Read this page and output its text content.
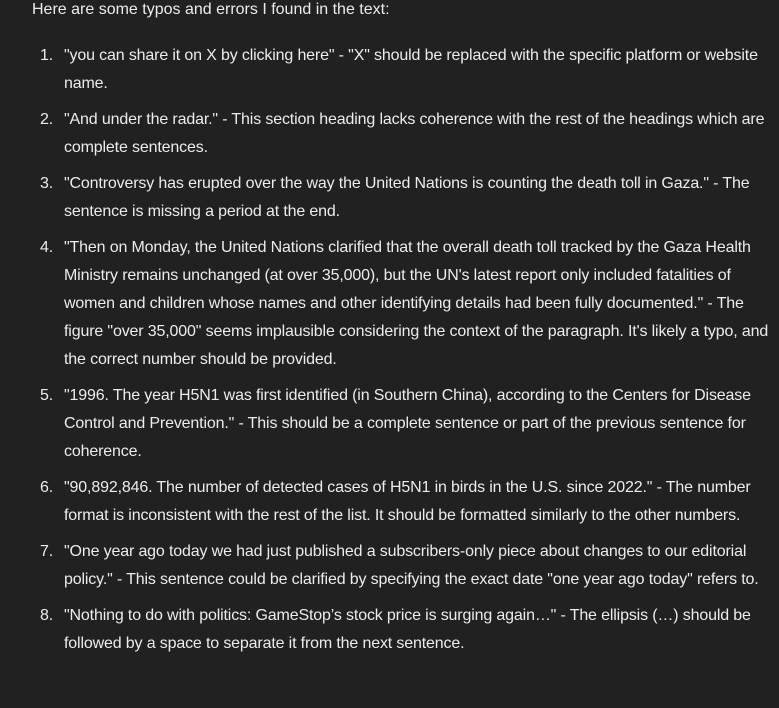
Here are some typos and errors I found in the text:

1. "you can share it on X by clicking here" - "X" should be replaced with the specific platform or website name.
2. "And under the radar." - This section heading lacks coherence with the rest of the headings which are complete sentences.
3. "Controversy has erupted over the way the United Nations is counting the death toll in Gaza." - The sentence is missing a period at the end.
4. "Then on Monday, the United Nations clarified that the overall death toll tracked by the Gaza Health Ministry remains unchanged (at over 35,000), but the UN's latest report only included fatalities of women and children whose names and other identifying details had been fully documented." - The figure "over 35,000" seems implausible considering the context of the paragraph. It's likely a typo, and the correct number should be provided.
5. "1996. The year H5N1 was first identified (in Southern China), according to the Centers for Disease Control and Prevention." - This should be a complete sentence or part of the previous sentence for coherence.
6. "90,892,846. The number of detected cases of H5N1 in birds in the U.S. since 2022." - The number format is inconsistent with the rest of the list. It should be formatted similarly to the other numbers.
7. "One year ago today we had just published a subscribers-only piece about changes to our editorial policy." - This sentence could be clarified by specifying the exact date "one year ago today" refers to.
8. "Nothing to do with politics: GameStop’s stock price is surging again…" - The ellipsis (…) should be followed by a space to separate it from the next sentence.
